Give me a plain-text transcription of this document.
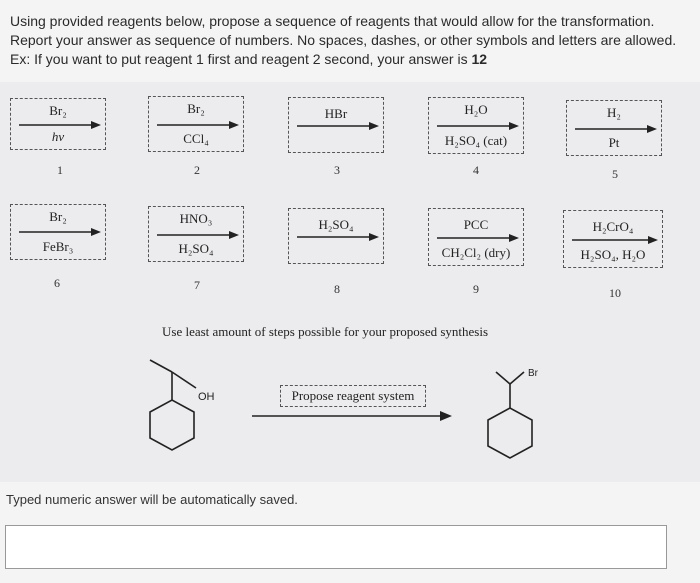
Using provided reagents below, propose a sequence of reagents that would allow for the transformation.
Report your answer as sequence of numbers. No spaces, dashes, or other symbols and letters are allowed.
Ex: If you want to put reagent 1 first and reagent 2 second, your answer is 12
Br₂
hν
1
Br₂
CCl₄
2
HBr
3
H₂O
H₂SO₄ (cat)
4
H₂
Pt
5
Br₂
FeBr₃
6
HNO₃
H₂SO₄
7
H₂SO₄
8
PCC
CH₂Cl₂ (dry)
9
H₂CrO₄
H₂SO₄, H₂O
10
Use least amount of steps possible for your proposed synthesis
OH	Propose reagent system
Br
Typed numeric answer will be automatically saved.
